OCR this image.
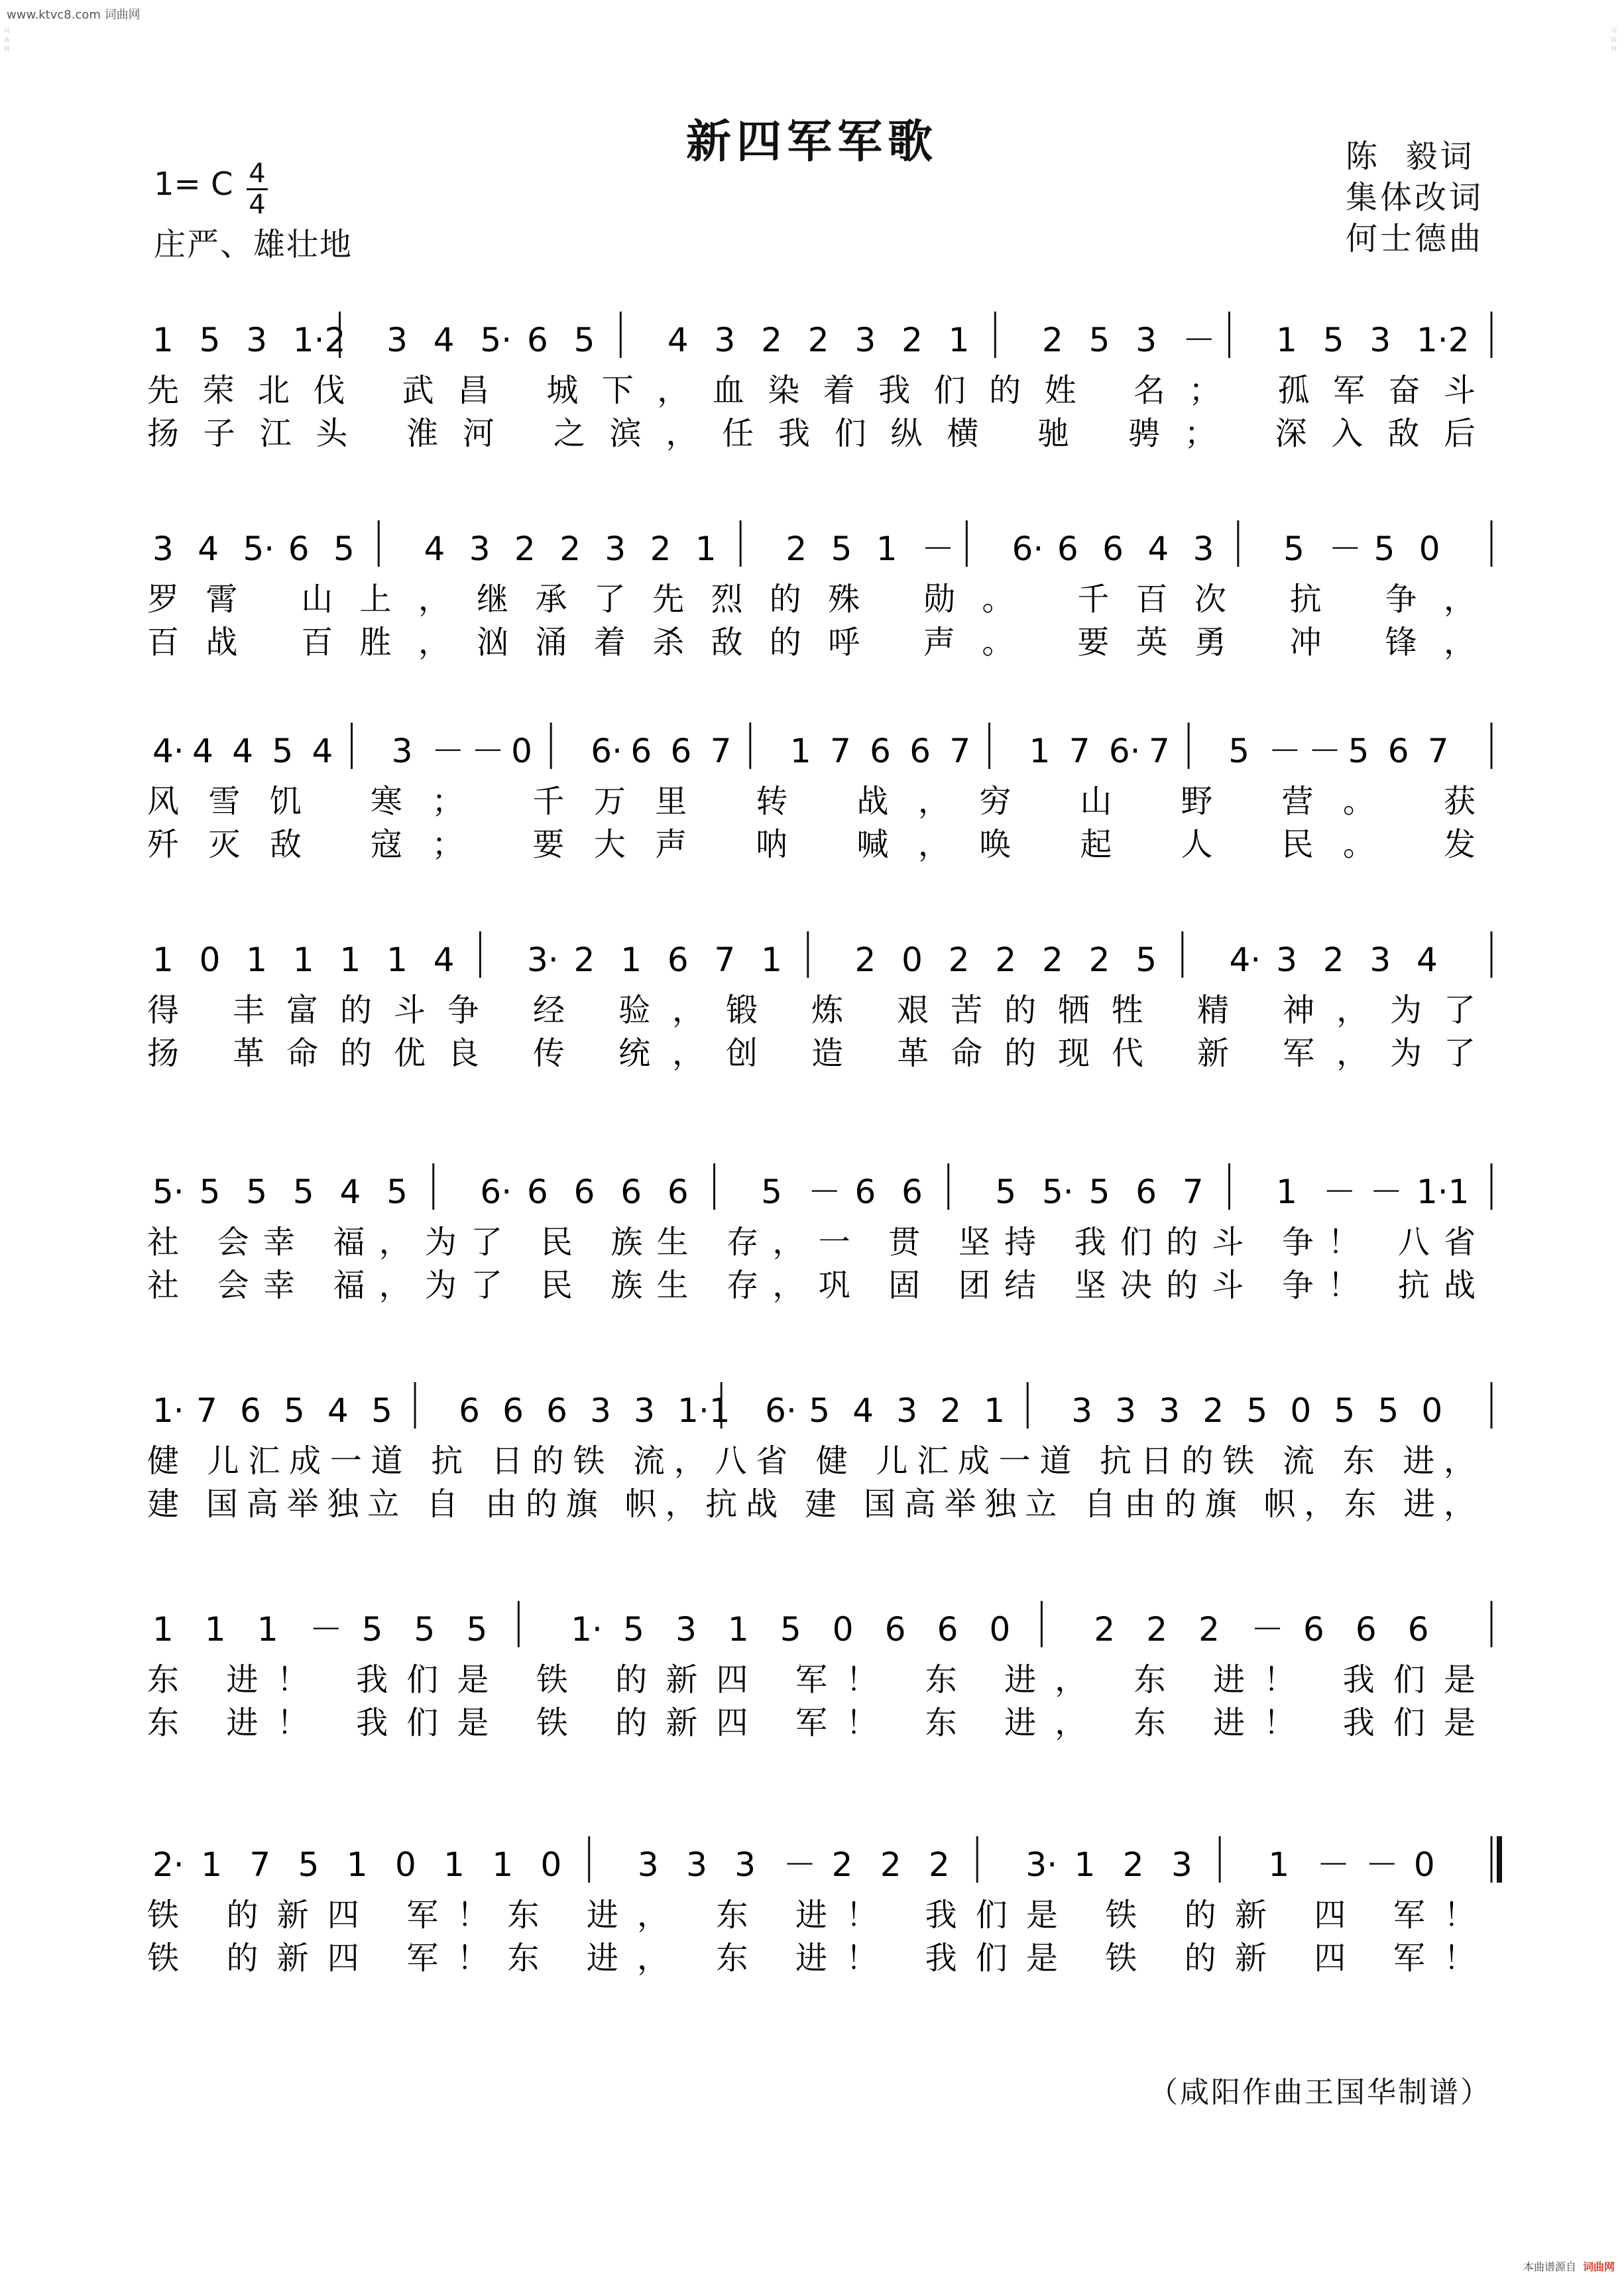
www.ktvc8.com 词曲网
词曲网
词曲网
新四军军歌
1= C 4
4
庄严、雄壮地
陈  毅词
集体改词
何士德曲
1 5 3 1·2 3 4 5· 6 5 4 3 2 2 3 2 1 2 5 3 － 1 5 3 1·2
先荣北伐 武昌 城下，血染着我们的姓 名； 孤军奋斗
扬子江头 淮河 之滨，任我们纵横 驰 骋； 深入敌后
3 4 5· 6 5 4 3 2 2 3 2 1 2 5 1 － 6· 6 6 4 3 5 － 5 0
罗霄 山上，继承了先烈的殊 勋。 千百次 抗 争，
百战 百胜，汹涌着杀敌的呼 声。 要英勇 冲 锋，
4· 4 4 5 4 3 － － 0 6· 6 6 7 1 7 6 6 7 1 7 6· 7 5 － － 5 6 7
风雪饥 寒； 千万里 转 战，穷 山 野 营。 获
歼灭敌 寇； 要大声 呐 喊，唤 起 人 民。 发
1 0 1 1 1 1 4 3· 2 1 6 7 1 2 0 2 2 2 2 5 4· 3 2 3 4
得 丰富的斗争 经 验，锻 炼 艰苦的牺牲 精 神，为了
扬 革命的优良 传 统，创 造 革命的现代 新 军，为了
5· 5 5 5 4 5 6· 6 6 6 6 5 － 6 6 5 5· 5 6 7 1 － － 1·1
社 会幸 福，为了 民 族生 存，一 贯 坚持 我们的斗 争！ 八省
社 会幸 福，为了 民 族生 存，巩 固 团结 坚决的斗 争！ 抗战
1· 7 6 5 4 5 6 6 6 3 3 1·1 6· 5 4 3 2 1 3 3 3 2 5 0 5 5 0
健 儿汇成一道 抗 日的铁 流，八省 健 儿汇成一道 抗日的铁 流 东 进，
建 国高举独立 自 由的旗 帜，抗战 建 国高举独立 自由的旗 帜，东 进，
1 1 1 － 5 5 5	1· 5 3 1 5 0 6 6 0	2 2 2 － 6 6 6
东 进！ 我们是 铁 的新四 军！ 东 进， 东 进！ 我们是
东 进！ 我们是 铁 的新四 军！ 东 进， 东 进！ 我们是
2· 1 7 5 1 0 1 1 0 3 3 3 － 2 2 2 3· 1 2 3 1 － － 0
铁 的新四 军！东 进， 东 进！ 我们是 铁 的新 四 军！
铁 的新四 军！东 进， 东 进！ 我们是 铁 的新 四 军！
（咸阳作曲王国华制谱）
本曲谱源自 词曲网
